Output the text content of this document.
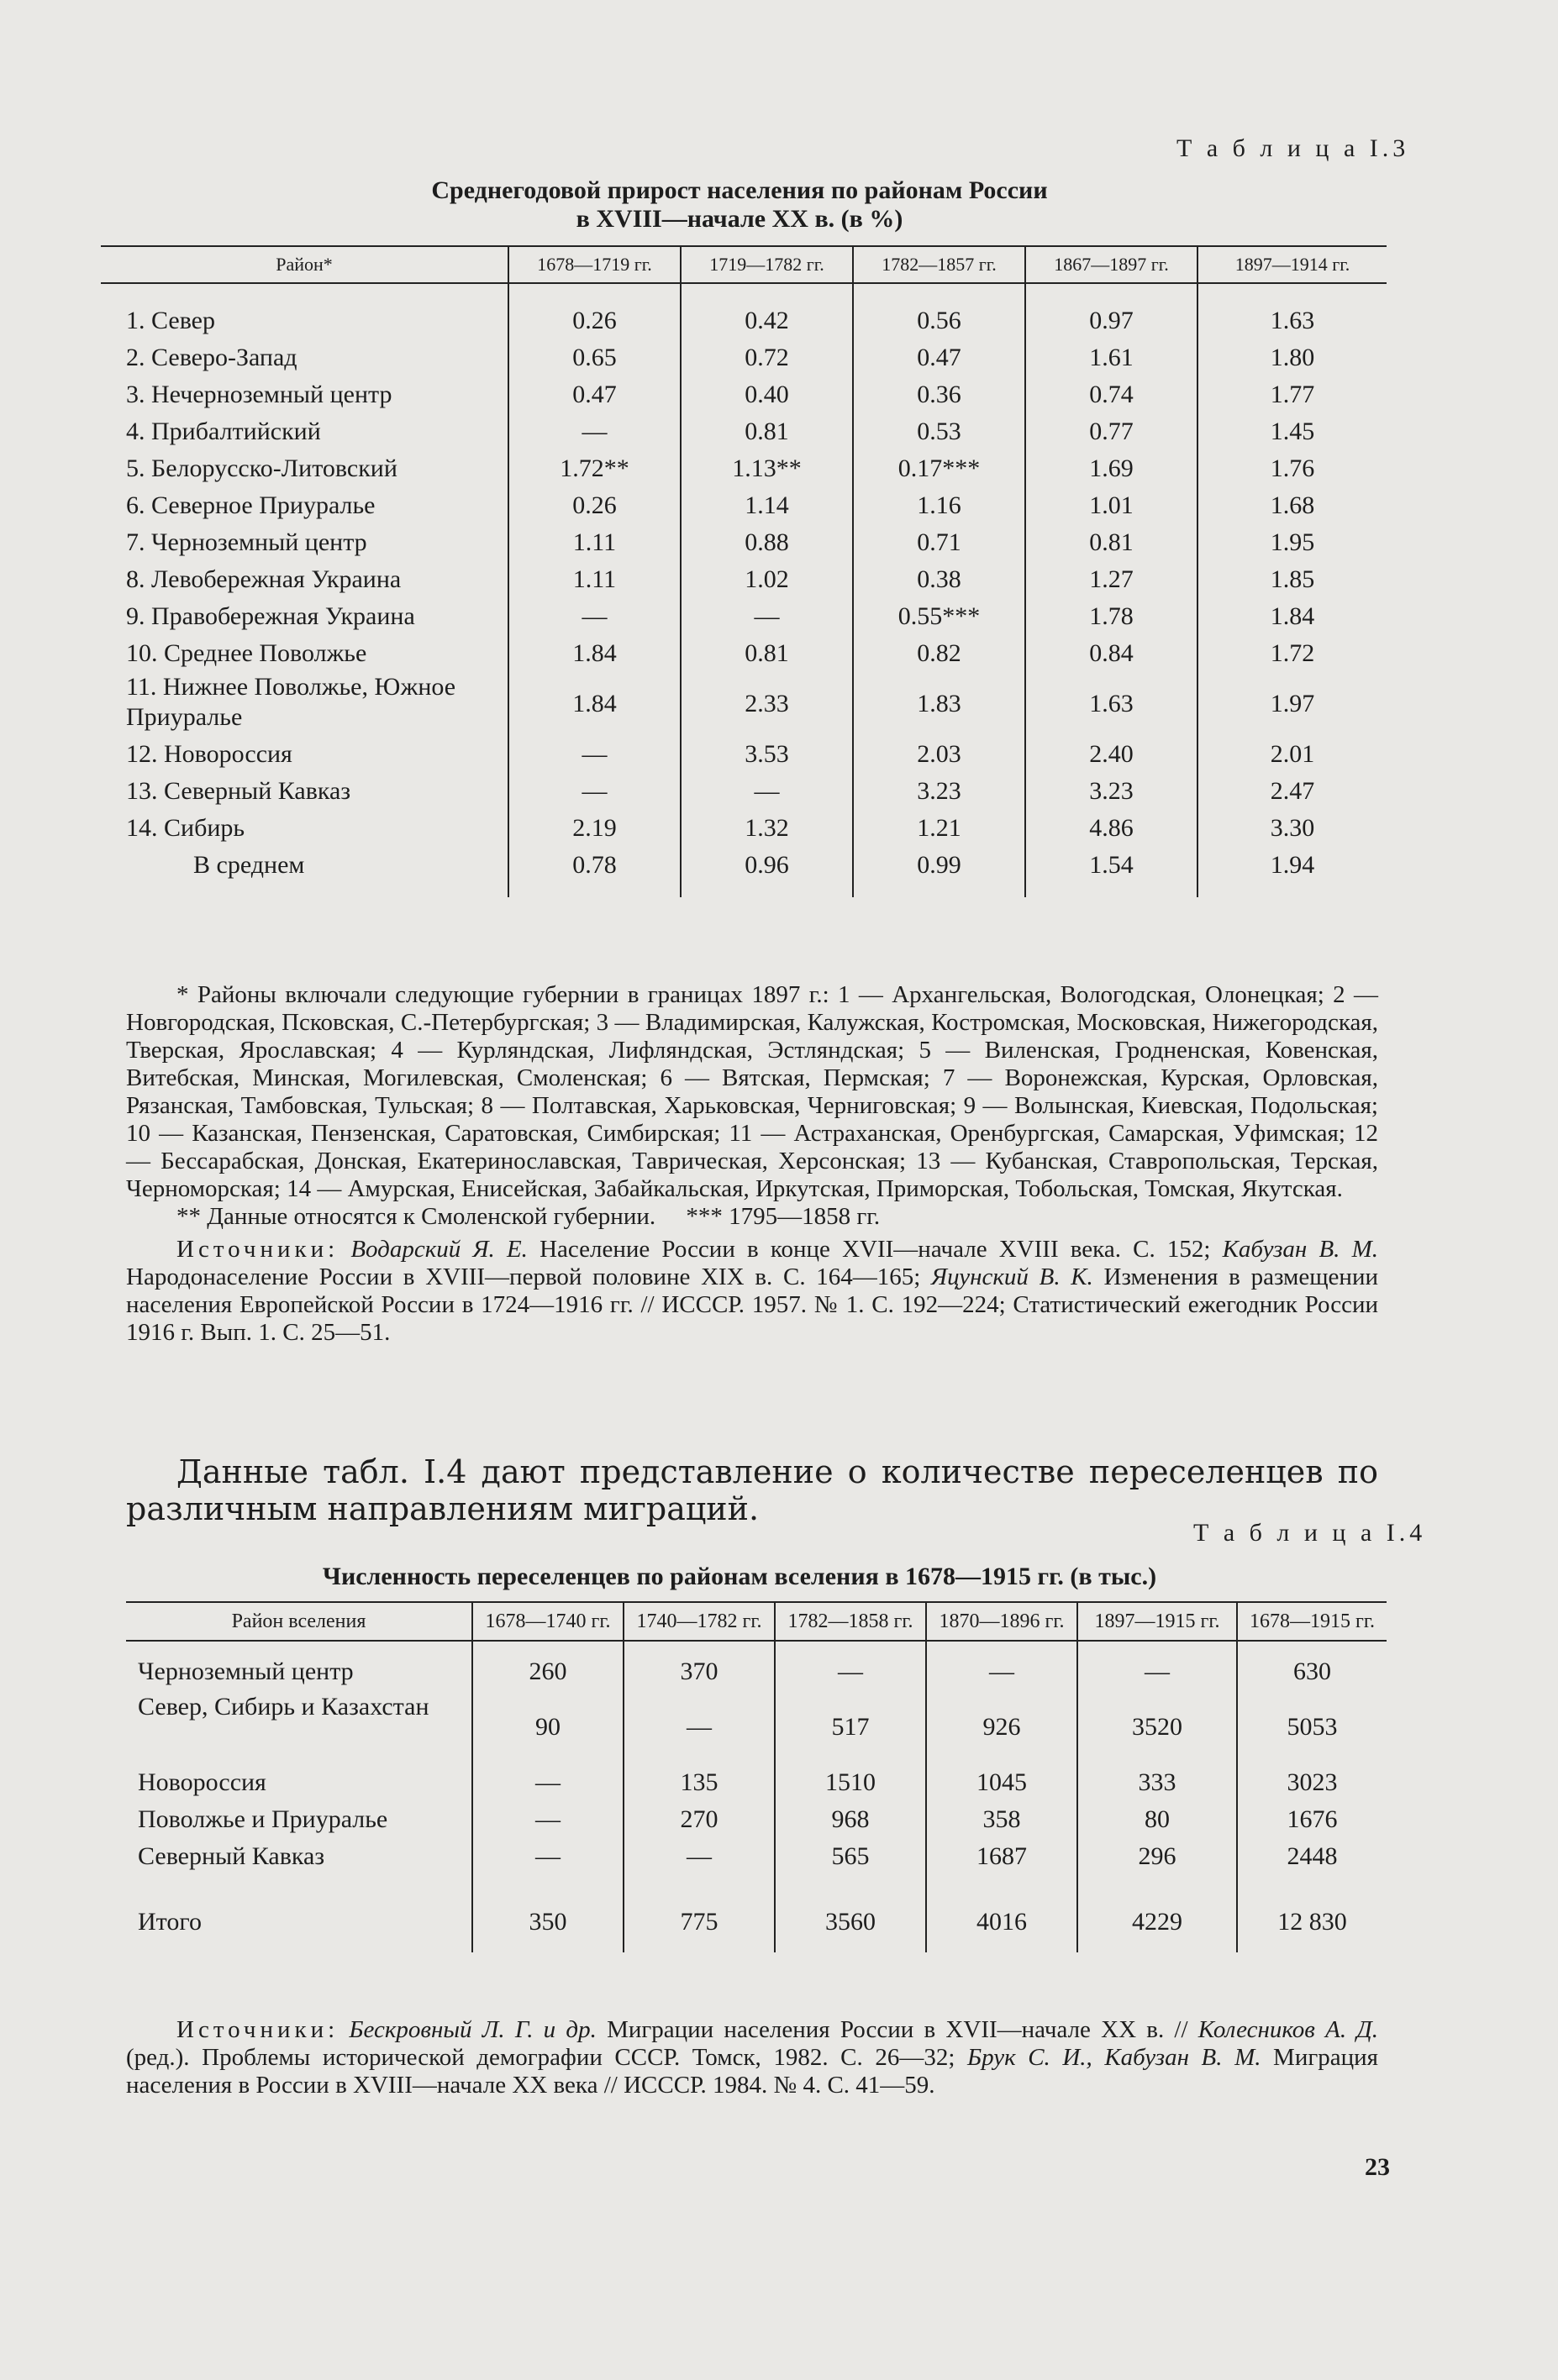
Т а б л и ц а I.3
Среднегодовой прирост населения по районам России
в XVIII—начале XX в. (в %)
Район*	1678—1719 гг.	1719—1782 гг.	1782—1857 гг.	1867—1897 гг.	1897—1914 гг.
1. Север	0.26	0.42	0.56	0.97	1.63
2. Северо-Запад	0.65	0.72	0.47	1.61	1.80
3. Нечерноземный центр	0.47	0.40	0.36	0.74	1.77
4. Прибалтийский	—	0.81	0.53	0.77	1.45
5. Белорусско-Литовский	1.72**	1.13**	0.17***	1.69	1.76
6. Северное Приуралье	0.26	1.14	1.16	1.01	1.68
7. Черноземный центр	1.11	0.88	0.71	0.81	1.95
8. Левобережная Украина	1.11	1.02	0.38	1.27	1.85
9. Правобережная Украина	—	—	0.55***	1.78	1.84
10. Среднее Поволжье	1.84	0.81	0.82	0.84	1.72
11. Нижнее Поволжье, Южное Приуралье	1.84	2.33	1.83	1.63	1.97
12. Новороссия	—	3.53	2.03	2.40	2.01
13. Северный Кавказ	—	—	3.23	3.23	2.47
14. Сибирь	2.19	1.32	1.21	4.86	3.30
В среднем	0.78	0.96	0.99	1.54	1.94

* Районы включали следующие губернии в границах 1897 г.: 1 — Архангельская, Вологодская, Олонецкая; 2 — Новгородская, Псковская, С.-Петербургская; 3 — Владимирская, Калужская, Костромская, Московская, Нижегородская, Тверская, Ярославская; 4 — Курляндская, Лифляндская, Эстляндская; 5 — Виленская, Гродненская, Ковенская, Витебская, Минская, Могилевская, Смоленская; 6 — Вятская, Пермская; 7 — Воронежская, Курская, Орловская, Рязанская, Тамбовская, Тульская; 8 — Полтавская, Харьковская, Черниговская; 9 — Волынская, Киевская, Подольская; 10 — Казанская, Пензенская, Саратовская, Симбирская; 11 — Астраханская, Оренбургская, Самарская, Уфимская; 12 — Бессарабская, Донская, Екатеринославская, Таврическая, Херсонская; 13 — Кубанская, Ставропольская, Терская, Черноморская; 14 — Амурская, Енисейская, Забайкальская, Иркутская, Приморская, Тобольская, Томская, Якутская.

** Данные относятся к Смоленской губернии. *** 1795—1858 гг.

Источники: Водарский Я. Е. Население России в конце XVII—начале XVIII века. С. 152; Кабузан В. М. Народонаселение России в XVIII—первой половине XIX в. С. 164—165; Яцунский В. К. Изменения в размещении населения Европейской России в 1724—1916 гг. // ИССCР. 1957. № 1. С. 192—224; Статистический ежегодник России 1916 г. Вып. 1. С. 25—51.

Данные табл. I.4 дают представление о количестве переселенцев по различным направлениям миграций.
Т а б л и ц а I.4
Численность переселенцев по районам вселения в 1678—1915 гг. (в тыс.)
Район вселения	1678—1740 гг.	1740—1782 гг.	1782—1858 гг.	1870—1896 гг.	1897—1915 гг.	1678—1915 гг.
Черноземный центр	260	370	—	—	—	630
Север, Сибирь и Казахстан	90	—	517	926	3520	5053
Новороссия	—	135	1510	1045	333	3023
Поволжье и Приуралье	—	270	968	358	80	1676
Северный Кавказ	—	—	565	1687	296	2448
Итого	350	775	3560	4016	4229	12 830

Источники: Бескровный Л. Г. и др. Миграции населения России в XVII—начале XX в. // Колесников А. Д. (ред.). Проблемы исторической демографии СССР. Томск, 1982. С. 26—32; Брук С. И., Кабузан В. М. Миграция населения в России в XVIII—начале XX века // ИССCР. 1984. № 4. С. 41—59.

23
